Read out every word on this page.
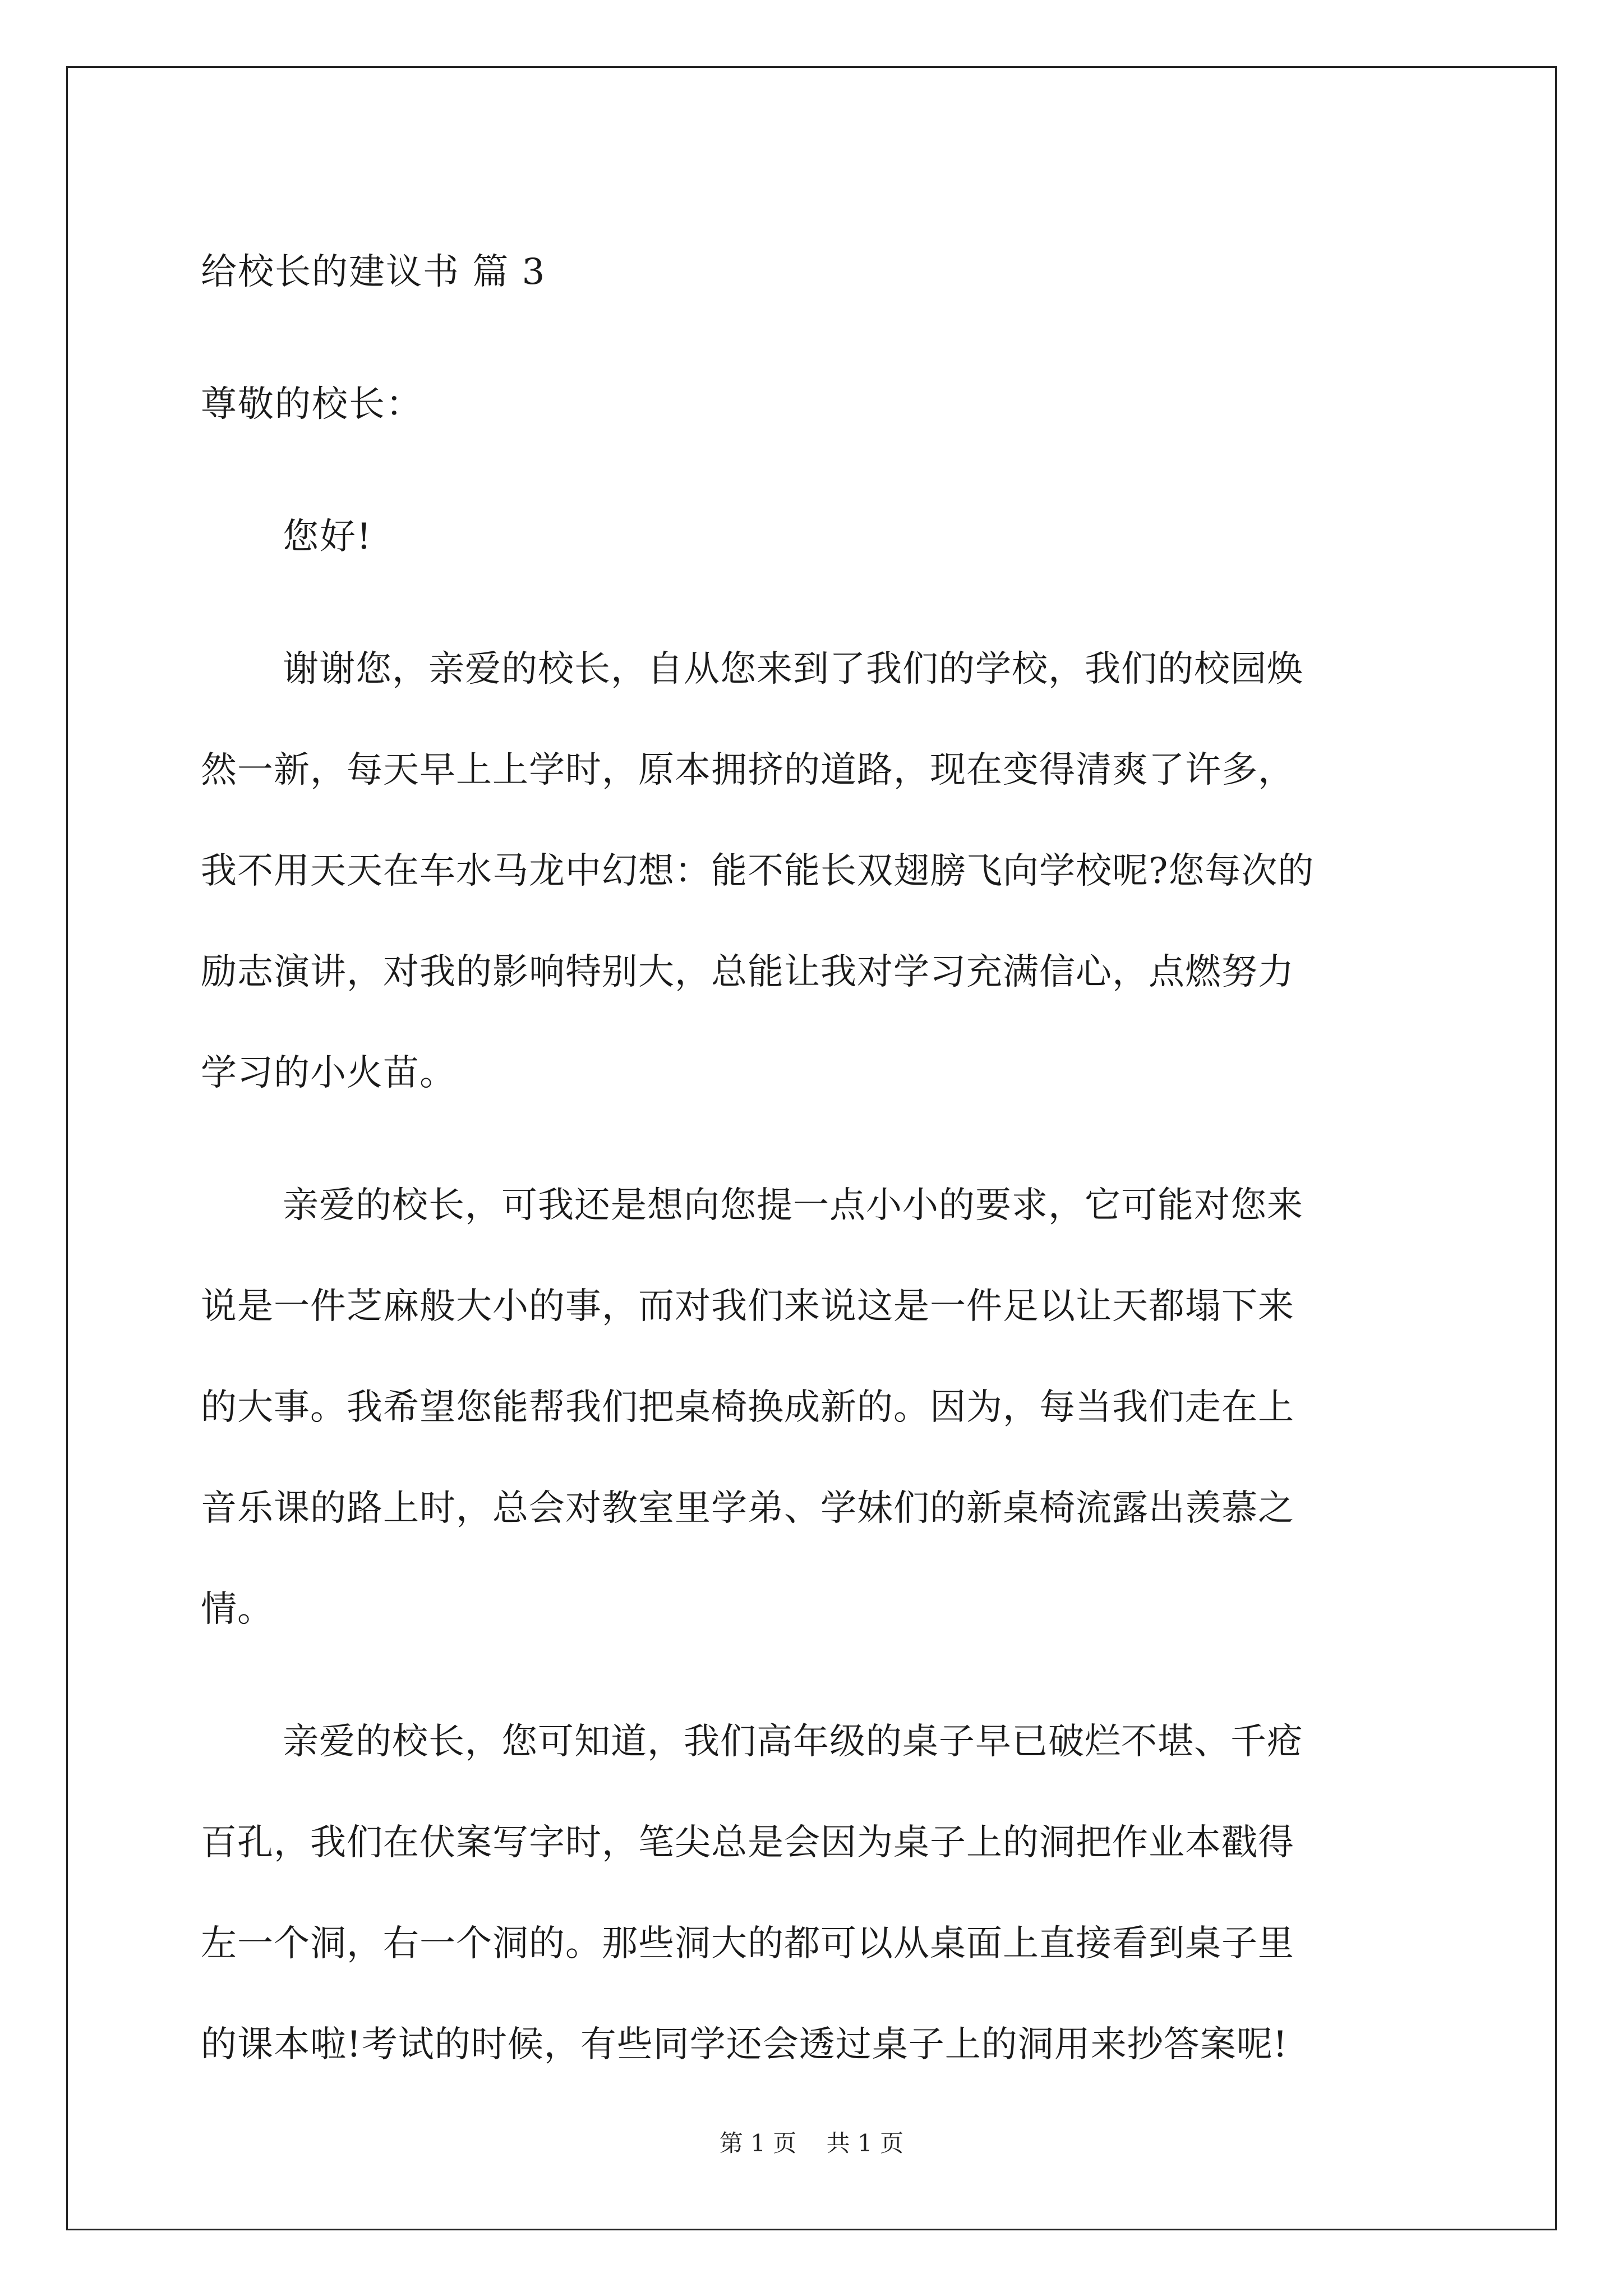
给校长的建议书 篇 3
尊敬的校长：
您好!
谢谢您，亲爱的校长，自从您来到了我们的学校，我们的校园焕
然一新，每天早上上学时，原本拥挤的道路，现在变得清爽了许多，
我不用天天在车水马龙中幻想：能不能长双翅膀飞向学校呢?您每次的
励志演讲，对我的影响特别大，总能让我对学习充满信心，点燃努力
学习的小火苗。
亲爱的校长，可我还是想向您提一点小小的要求，它可能对您来
说是一件芝麻般大小的事，而对我们来说这是一件足以让天都塌下来
的大事。我希望您能帮我们把桌椅换成新的。因为，每当我们走在上
音乐课的路上时，总会对教室里学弟、学妹们的新桌椅流露出羡慕之
情。
亲爱的校长，您可知道，我们高年级的桌子早已破烂不堪、千疮
百孔，我们在伏案写字时，笔尖总是会因为桌子上的洞把作业本戳得
左一个洞，右一个洞的。那些洞大的都可以从桌面上直接看到桌子里
的课本啦!考试的时候，有些同学还会透过桌子上的洞用来抄答案呢!
第 1 页 共 1 页
